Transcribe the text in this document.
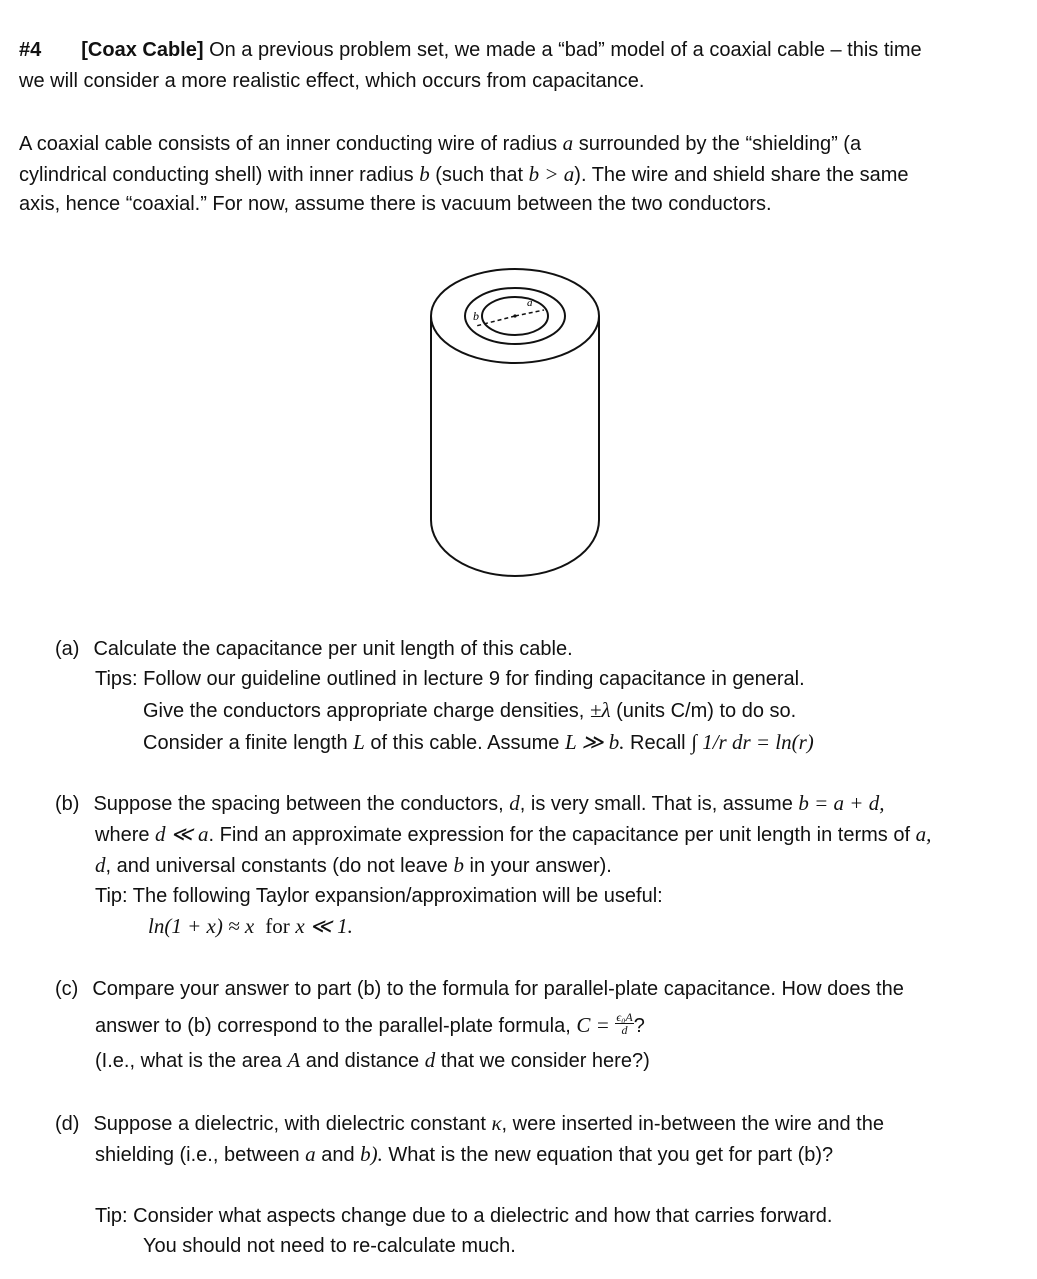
#4 [Coax Cable] On a previous problem set, we made a “bad” model of a coaxial cable – this time
we will consider a more realistic effect, which occurs from capacitance.
A coaxial cable consists of an inner conducting wire of radius a surrounded by the “shielding” (a
cylindrical conducting shell) with inner radius b (such that b > a). The wire and shield share the same
axis, hence “coaxial.” For now, assume there is vacuum between the two conductors.
a
b
(a) Calculate the capacitance per unit length of this cable.
Tips: Follow our guideline outlined in lecture 9 for finding capacitance in general.
Give the conductors appropriate charge densities, ±λ (units C/m) to do so.
Consider a finite length L of this cable. Assume L ≫ b. Recall ∫ 1/r dr = ln(r)
(b) Suppose the spacing between the conductors, d, is very small. That is, assume b = a + d,
where d ≪ a. Find an approximate expression for the capacitance per unit length in terms of a,
d, and universal constants (do not leave b in your answer).
Tip: The following Taylor expansion/approximation will be useful:
ln(1 + x) ≈ x for x ≪ 1.
(c) Compare your answer to part (b) to the formula for parallel-plate capacitance. How does the
answer to (b) correspond to the parallel-plate formula, $C = \frac{\text{ϵ₀A}}{d}$ ?
(I.e., what is the area A and distance d that we consider here?)
(d) Suppose a dielectric, with dielectric constant κ, were inserted in-between the wire and the
shielding (i.e., between a and b). What is the new equation that you get for part (b)?
Tip: Consider what aspects change due to a dielectric and how that carries forward.
You should not need to re-calculate much.
